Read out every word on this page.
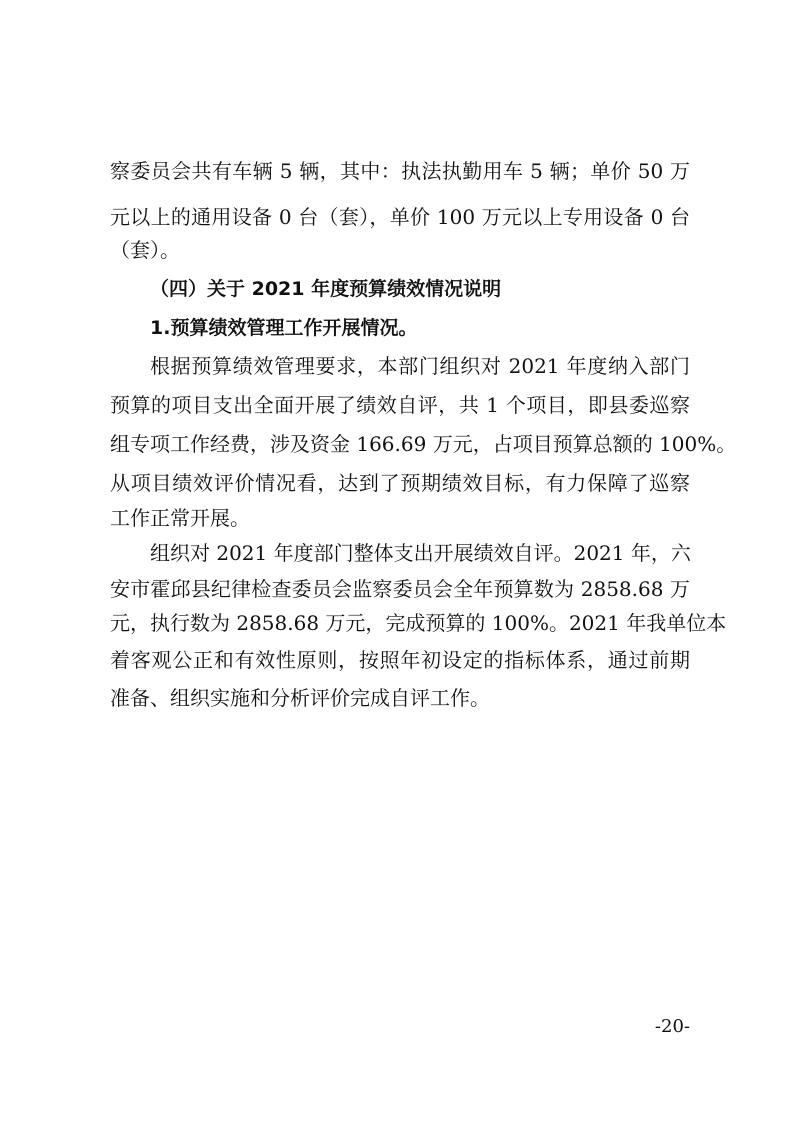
察委员会共有车辆 5 辆，其中：执法执勤用车 5 辆；单价 50 万
元以上的通用设备 0 台（套），单价 100 万元以上专用设备 0 台
（套）。
（四）关于 2021 年度预算绩效情况说明
1.预算绩效管理工作开展情况。
根据预算绩效管理要求，本部门组织对 2021 年度纳入部门
预算的项目支出全面开展了绩效自评，共 1 个项目，即县委巡察
组专项工作经费，涉及资金 166.69 万元，占项目预算总额的 100%。
从项目绩效评价情况看，达到了预期绩效目标，有力保障了巡察
工作正常开展。
组织对 2021 年度部门整体支出开展绩效自评。2021 年，六
安市霍邱县纪律检查委员会监察委员会全年预算数为 2858.68 万
元，执行数为 2858.68 万元，完成预算的 100%。2021 年我单位本
着客观公正和有效性原则，按照年初设定的指标体系，通过前期
准备、组织实施和分析评价完成自评工作。
-20-
